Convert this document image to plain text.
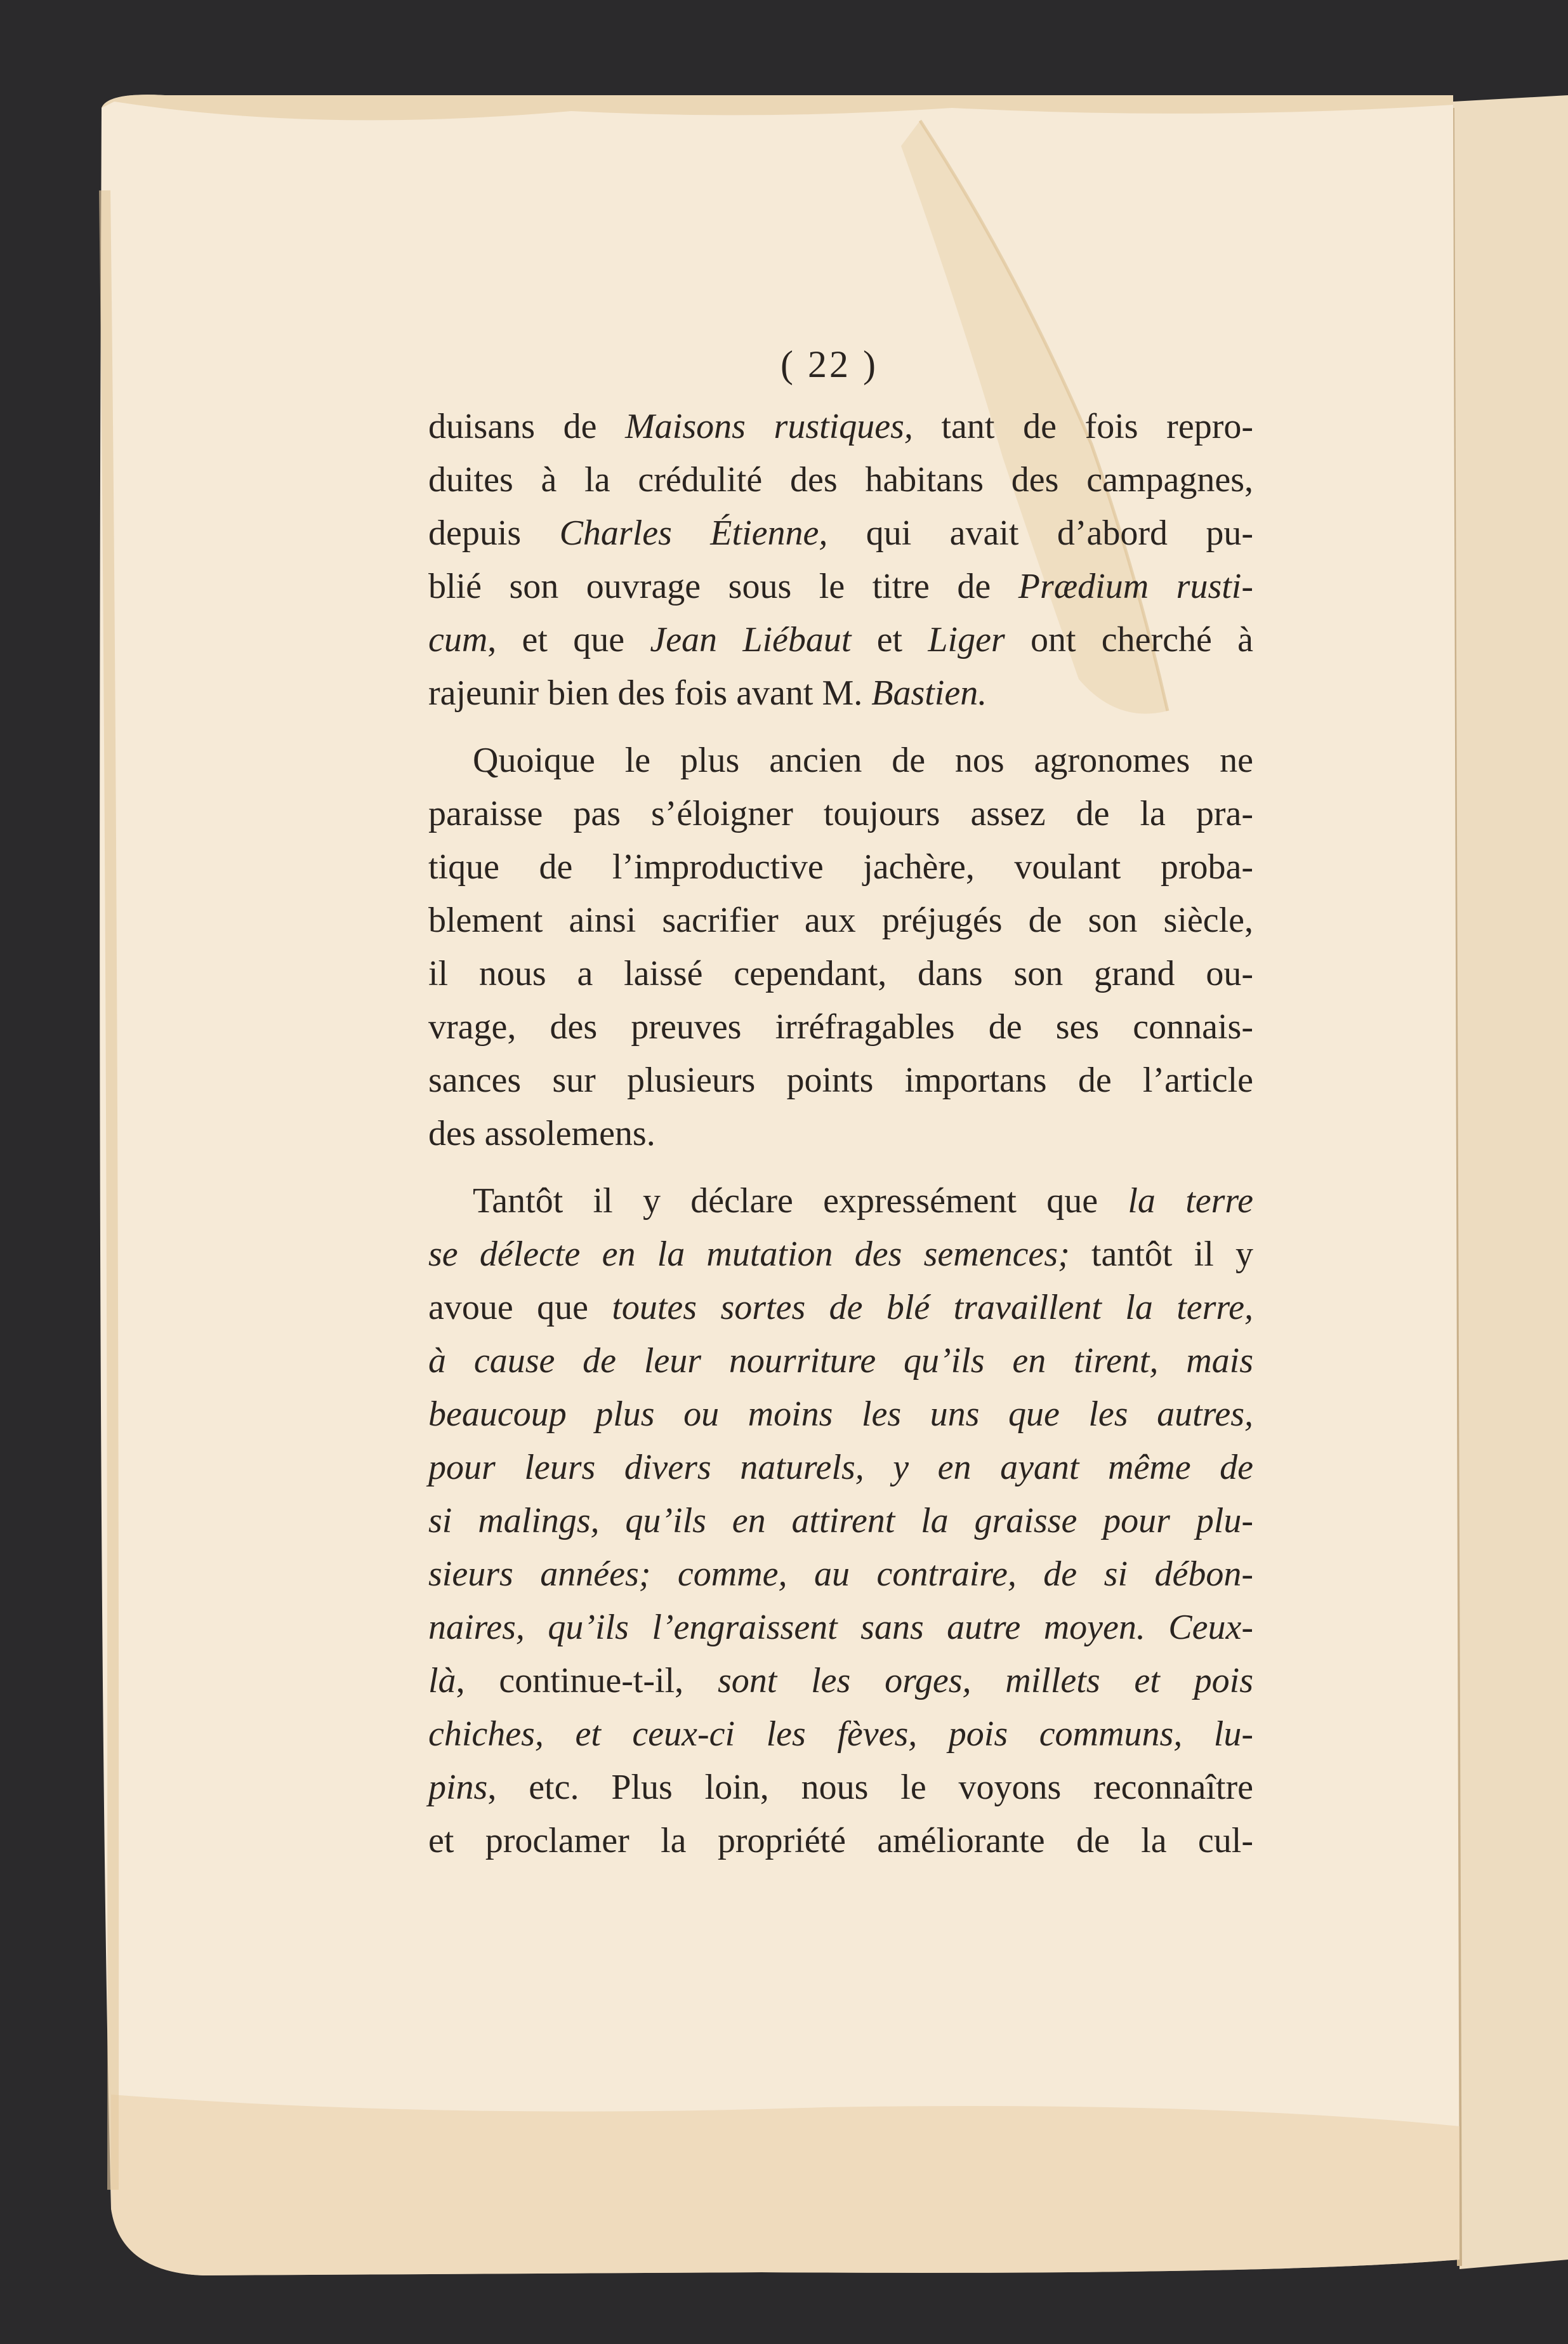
( 22 )
duisans de Maisons rustiques, tant de fois repro-
duites à la crédulité des habitans des campagnes,
depuis Charles Étienne, qui avait d’abord pu-
blié son ouvrage sous le titre de Prædium rusti-
cum, et que Jean Liébaut et Liger ont cherché à
rajeunir bien des fois avant M. Bastien.
Quoique le plus ancien de nos agronomes ne
paraisse pas s’éloigner toujours assez de la pra-
tique de l’improductive jachère, voulant proba-
blement ainsi sacrifier aux préjugés de son siècle,
il nous a laissé cependant, dans son grand ou-
vrage, des preuves irréfragables de ses connais-
sances sur plusieurs points importans de l’article
des assolemens.
Tantôt il y déclare expressément que la terre
se délecte en la mutation des semences; tantôt il y
avoue que toutes sortes de blé travaillent la terre,
à cause de leur nourriture qu’ils en tirent, mais
beaucoup plus ou moins les uns que les autres,
pour leurs divers naturels, y en ayant même de
si malings, qu’ils en attirent la graisse pour plu-
sieurs années; comme, au contraire, de si débon-
naires, qu’ils l’engraissent sans autre moyen. Ceux-
là, continue-t-il, sont les orges, millets et pois
chiches, et ceux-ci les fèves, pois communs, lu-
pins, etc. Plus loin, nous le voyons reconnaître
et proclamer la propriété améliorante de la cul-
